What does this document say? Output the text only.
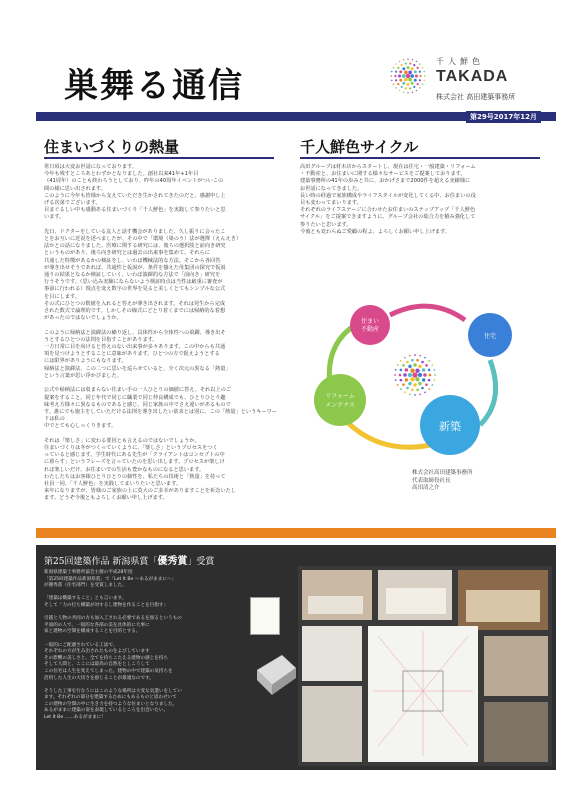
巣舞る通信
千人鮮色
TAKADA
株式会社 高田建築事務所
第29号2017年12月
住まいづくりの熱量
常日頃は大変お世話になっております。
今年も残すところあとわずかとなりました。創社以来41年+1年目
（41周年）のことも終わろうとしており、昨年の40周年イベントがついこの
間の様に思い出されます。
このように今年も皆様から支えていただき生かされてきたのだと、感謝申し上
げる次第でございます。
目まぐるしい中も感動ある住まいづくり「千人鮮色」を実践して参りたいと思
います。

先日、ドクターをしている友人と話す機会がありました。久し振りに会ったこ
とをお互いに近況を述べましたが、その中で「環境（巣のう）法が選擇（えんえき）
法かとの話になりました。医療に関する研究には、後ろの選択肢と前向き研究
というものがあり、後ろ向き研究とは過去の出来事を集めて、それらに
共通した特徴があるかの検証をし、いわば機械法的な方法。そこから各回答
が導き出せそうであれば、共通性と仮説が、条件を揃えた母集団の探究で仮説
通りの結果となるか検証していく、いわば演繹的な方法で「前向き」研究を
行うそうです。（思い込み実験にならないよう検証時点は当性は厳重に審査が
事前に行われる）現点を変え数字の世界を見ると美しくとてもシンプルな公式
を目にします。
その式にひとつの数値を入れると答えが導き出されます。それは発生から完成
された数式で論理的です。しかしその線式にどとり着くまでには帰納的な着想
があったのではないでしょうか。

このように帰納法と演繹法の繰り返し、具体性から全体性への飛躍、導き出そ
うとするひとつの法則を目指すことがあります。
一方日常に目を向けると答えのない出来事が多々あります。この中からも共通
項を見つけようとすることに意味があります。ひとつの方で捉えようとする
には限界がありようにもなります。
帰納法と演繹法、この二つに思いを巡らせていると、全く次元の異なる「熱量」
という言葉が思い浮かびました。

公式や帰納法には収まらない住まい手の一人ひとりの価値に答え、それ以上のご
提案をすること。同じ年代で同じに職業で同じ仲良構成でも、ひとりひとり趣
味考え方様々に異なるものであると感じ、同じ家族の中でさえ違いがあるもので
す。誰にでも施主をしていただける法則を導き出したい欲求とは別に、この「熱量」というキーワードは私の
中でとても心しっくりきます。

それは「楽しさ」に変わる要因とも言えるのではないでしょうか。
住まいづくりは冬がつくっていくように、「楽しさ」というプロセスをつく
っていると感じます。学生時代にある先生が「クライアントはコンセプトの中
に暮らす」というフレーズを言っていたのを思い出します。プロセスが楽しけ
れば楽しいだけ、お住まいでの生活も豊かなものになると思います。
わたしたちはお客様ひとりひとりの個性を、私たちの技術と「熱量」を持って
社員一同、「千人鮮色」を実践してまいりたいと思います。
来年になりますが、皆様のご家族の上に莫大のご多幸がありますことを祈念いたし
ます。どうぞ今後ともよろしくお願い申し上げます。
千人鮮色サイクル
高田グループは材木店からスタートし、現在は住宅・一般建築・リフォーム
・不動産と、お住まいに関する様々なサービスをご提案しております。
建築事務所の41年の歩みと共に、おかげさまで2000件を超える実績様に
お世話になってきました。
長い時の経過で家族構成やライフスタイルが変化してくる中、お住まいの役
目も変わってまいります。
それぞれのライフステージに合わせたお住まいのステップアップ「千人鮮色
サイクル」をご提案できますように、グループ会社の総合力を積み強化して
参りたいと思います。
今後とも変わらぬご愛顧の程よ、よろしくお願い申し上げます。
住まい
不動産
住宅
リフォーム
メンテナス
新築
株式会社高田建築事務所
代表取締役社長
高田清之介
第25回建築作品 新潟県賞「優秀賞」受賞
新潟県建築士事務所協会主催の平成28年度
「第25回建築作品新潟県賞」で「Let It Be ～あるがままに～」
が優秀賞（住宅部門）を受賞しました。

「建築は構築すること」とも言います。
そして「力の打ち構築が対するし建物を作ることを目指す」

引越と人物の共同の方も加入工される必要であるを図るというもの
平面的の人で、一般的な各部の美を具体的に大事に
家と建物の空間を構成することを目的とする。

一般的にご配慮されている工法で、
それぞれの方が生み出されたものをよびしています
その影響の美しさと、全てを持ちこたえる建物の感じを持ち
そして人間と、ここには最高の自然をとしこうして
この住宅は人生を変えてしまった。建物の中で建築の気持ちを
活用した人生の大切さを感じることが最適なのです。

そうした工事を行なうにはこのような場所は大変な気遣いをしてい
ます。それぞれの部分を建築するためにもあるものと思わせいて
この建物の空間の中に生き力を持つような住まいとなりました。
あるがままに建築の姿を表現しているところを出会いたい。
Let It Be ……あるがままに！
